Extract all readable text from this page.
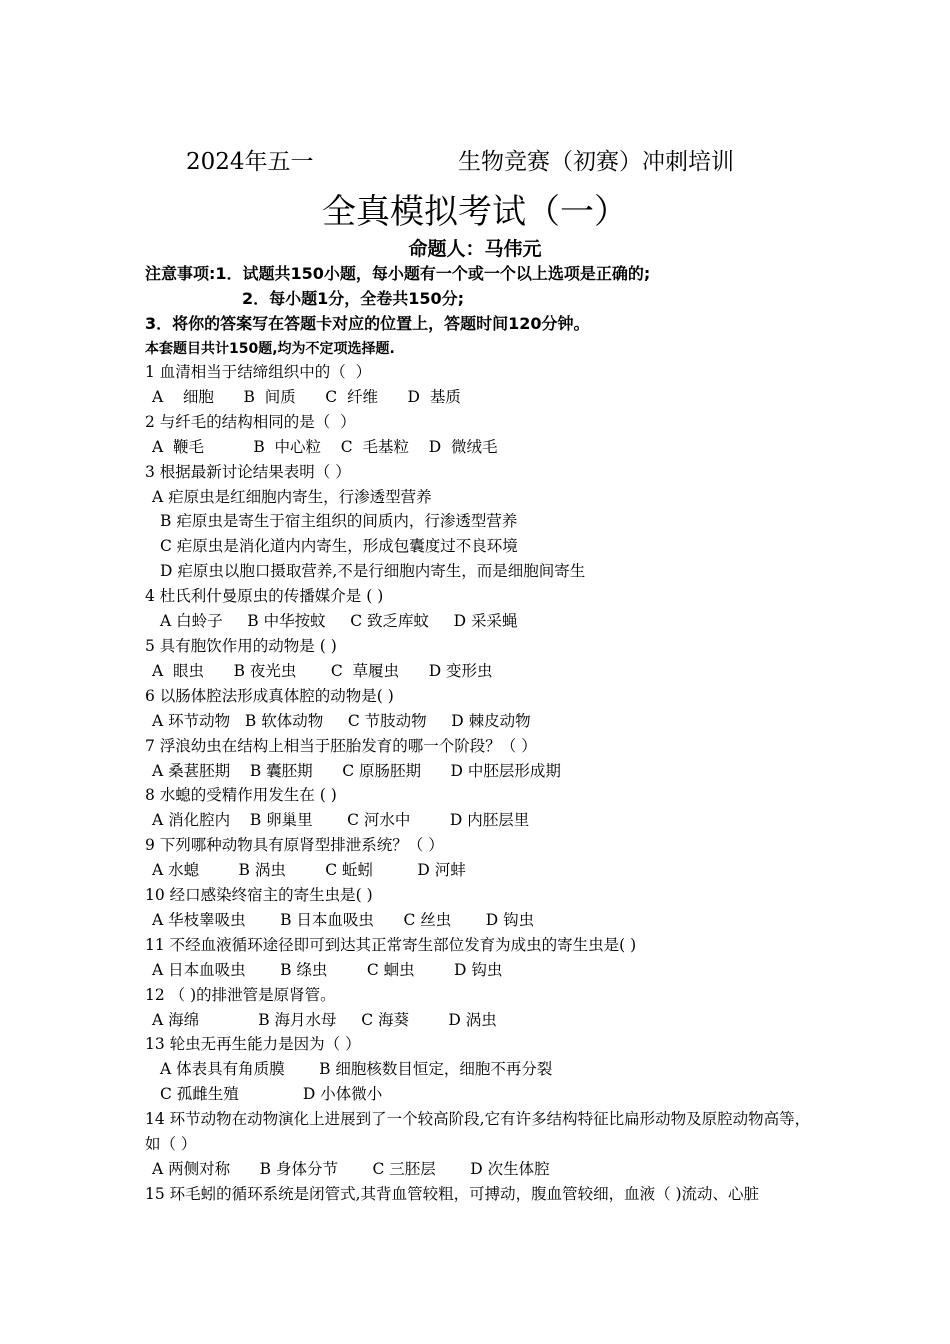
2024年五一	生物竞赛（初赛）冲刺培训
全真模拟考试（一）
命题人：马伟元
注意事项:1．试题共150小题，每小题有一个或一个以上选项是正确的;
2．每小题1分，全卷共150分;
3．将你的答案写在答题卡对应的位置上，答题时间120分钟。
本套题目共计150题,均为不定项选择题.
1 血清相当于结缔组织中的（  ）
A    细胞      B  间质      C  纤维      D  基质
2 与纤毛的结构相同的是（  ）
A  鞭毛          B  中心粒    C  毛基粒    D  微绒毛
3 根据最新讨论结果表明（ ）
A 疟原虫是红细胞内寄生，行渗透型营养
B 疟原虫是寄生于宿主组织的间质内，行渗透型营养
C 疟原虫是消化道内内寄生，形成包囊度过不良环境
D 疟原虫以胞口摄取营养,不是行细胞内寄生，而是细胞间寄生
4 杜氏利什曼原虫的传播媒介是 ( )
A 白蛉子     B 中华按蚊     C 致乏库蚊     D 采采蝇
5 具有胞饮作用的动物是 ( )
A  眼虫      B 夜光虫       C  草履虫      D 变形虫
6 以肠体腔法形成真体腔的动物是( )
A 环节动物   B 软体动物     C 节肢动物     D 棘皮动物
7 浮浪幼虫在结构上相当于胚胎发育的哪一个阶段？（ ）
A 桑葚胚期    B 囊胚期      C 原肠胚期      D 中胚层形成期
8 水螅的受精作用发生在 ( )
A 消化腔内    B 卵巢里       C 河水中        D 内胚层里
9 下列哪种动物具有原肾型排泄系统？（ ）
A 水螅        B 涡虫        C 蚯蚓         D 河蚌
10 经口感染终宿主的寄生虫是( )
A 华枝睾吸虫       B 日本血吸虫      C 丝虫       D 钩虫
11 不经血液循环途径即可到达其正常寄生部位发育为成虫的寄生虫是( )
A 日本血吸虫       B 绦虫        C 蛔虫        D 钩虫
12 （ )的排泄管是原肾管。
A 海绵            B 海月水母     C 海葵        D 涡虫
13 轮虫无再生能力是因为（ ）
A 体表具有角质膜       B 细胞核数目恒定，细胞不再分裂
C 孤雌生殖             D 小体微小
14 环节动物在动物演化上进展到了一个较高阶段,它有许多结构特征比扁形动物及原腔动物高等，如（ ）
A 两侧对称      B 身体分节       C 三胚层       D 次生体腔
15 环毛蚓的循环系统是闭管式,其背血管较粗，可搏动，腹血管较细，血液（ )流动、心脏
